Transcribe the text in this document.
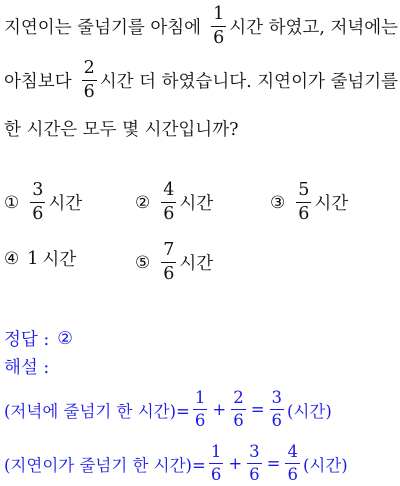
지연이는 줄넘기를 아침에 $\frac{1}{6}$ 시간 하였고, 저녁에는
아침보다 $\frac{2}{6}$ 시간 더 하였습니다. 지연이가 줄넘기를
한 시간은 모두 몇 시간입니까?
① $\frac{3}{6}$ 시간	② $\frac{4}{6}$ 시간	③ $\frac{5}{6}$ 시간
④ 1 시간	⑤ $\frac{7}{6}$ 시간
정답 : ②
해설 :
(저녁에 줄넘기 한 시간)= $\frac{1}{6} + \frac{2}{6} = \frac{3}{6}$ (시간)
(지연이가 줄넘기 한 시간)= $\frac{1}{6} + \frac{3}{6} = \frac{4}{6}$ (시간)
